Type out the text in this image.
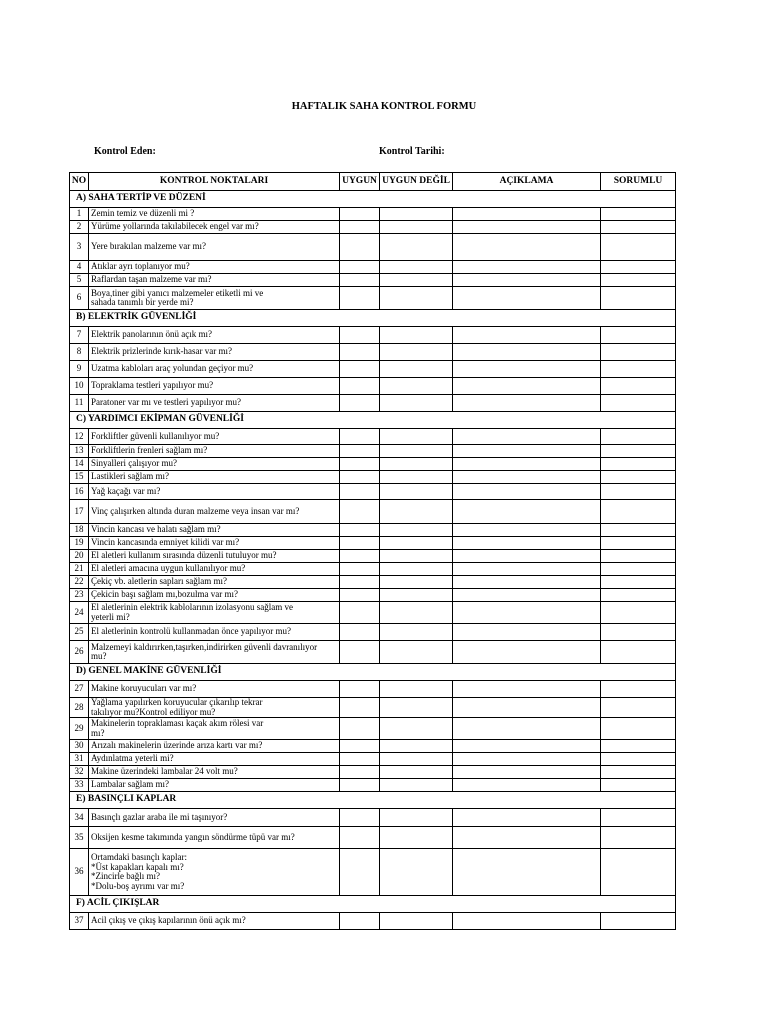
HAFTALIK SAHA KONTROL FORMU
Kontrol Eden:	Kontrol Tarihi:
NO	KONTROL NOKTALARI	UYGUN	UYGUN DEĞİL	AÇIKLAMA	SORUMLU
A) SAHA TERTİP VE DÜZENİ					
1	Zemin temiz ve düzenli mi ?				
2	Yürüme yollarında takılabilecek engel var mı?				
3	Yere bırakılan malzeme var mı?				
4	Atıklar ayrı toplanıyor mu?				
5	Raflardan taşan malzeme var mı?				
6	Boya,tiner gibi yanıcı malzemeler etiketli mi ve
sahada tanımlı bir yerde mi?				
B) ELEKTRİK GÜVENLİĞİ					
7	Elektrik panolarının önü açık mı?				
8	Elektrik prizlerinde kırık-hasar var mı?				
9	Uzatma kabloları araç yolundan geçiyor mu?				
10	Topraklama testleri yapılıyor mu?				
11	Paratoner var mı ve testleri yapılıyor mu?				
C) YARDIMCI EKİPMAN GÜVENLİĞİ					
12	Forkliftler güvenli kullanılıyor mu?				
13	Forkliftlerin frenleri sağlam mı?				
14	Sinyalleri çalışıyor mu?				
15	Lastikleri sağlam mı?				
16	Yağ kaçağı var mı?				
17	Vinç çalışırken altında duran malzeme veya insan var mı?				
18	Vincin kancası ve halatı sağlam mı?				
19	Vincin kancasında emniyet kilidi var mı?				
20	El aletleri kullanım sırasında düzenli tutuluyor mu?				
21	El aletleri amacına uygun kullanılıyor mu?				
22	Çekiç vb. aletlerin sapları sağlam mı?				
23	Çekicin başı sağlam mı,bozulma var mı?				
24	El aletlerinin elektrik kablolarının izolasyonu sağlam ve
yeterli mi?				
25	El aletlerinin kontrolü kullanmadan önce yapılıyor mu?				
26	Malzemeyi kaldırırken,taşırken,indirirken güvenli davranılıyor
mu?				
D) GENEL MAKİNE GÜVENLİĞİ					
27	Makine koruyucuları var mı?				
28	Yağlama yapılırken koruyucular çıkarılıp tekrar
takılıyor mu?Kontrol ediliyor mu?				
29	Makinelerin topraklaması kaçak akım rölesi var
mı?				
30	Arızalı makinelerin üzerinde arıza kartı var mı?				
31	Aydınlatma yeterli mi?				
32	Makine üzerindeki lambalar 24 volt mu?				
33	Lambalar sağlam mı?				
E) BASINÇLI KAPLAR					
34	Basınçlı gazlar araba ile mi taşınıyor?				
35	Oksijen kesme takımında yangın söndürme tüpü var mı?				
36	Ortamdaki basınçlı kaplar:
*Üst kapakları kapalı mı?
*Zincirle bağlı mı?
*Dolu-boş ayrımı var mı?				
F) ACİL ÇIKIŞLAR					
37	Acil çıkış ve çıkış kapılarının önü açık mı?				
